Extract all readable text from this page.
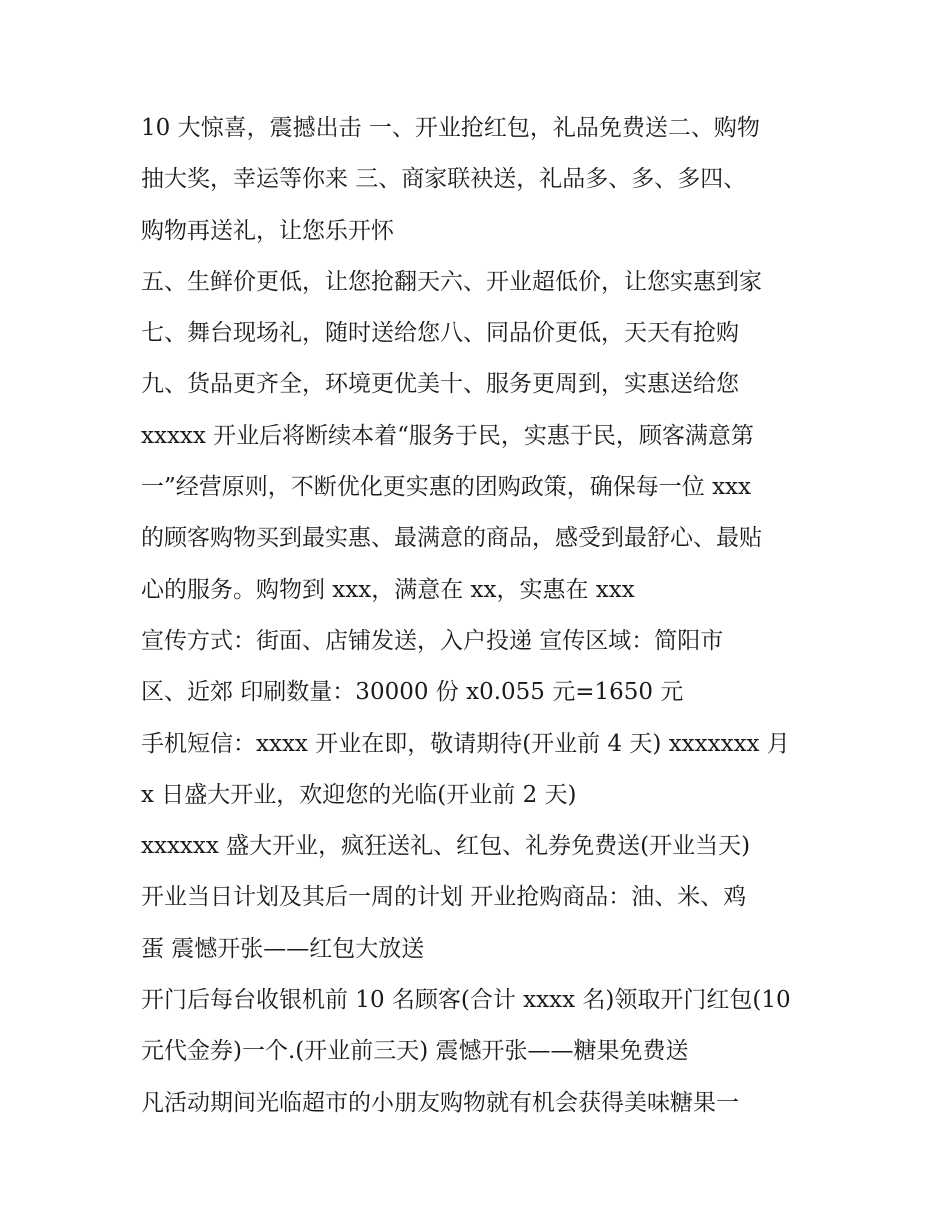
10 大惊喜，震撼出击 一、开业抢红包，礼品免费送二、购物
抽大奖，幸运等你来 三、商家联袂送，礼品多、多、多四、
购物再送礼，让您乐开怀
五、生鲜价更低，让您抢翻天六、开业超低价，让您实惠到家
七、舞台现场礼，随时送给您八、同品价更低，天天有抢购
九、货品更齐全，环境更优美十、服务更周到，实惠送给您
xxxxx 开业后将断续本着“服务于民，实惠于民，顾客满意第
一”经营原则，不断优化更实惠的团购政策，确保每一位 xxx
的顾客购物买到最实惠、最满意的商品，感受到最舒心、最贴
心的服务。购物到 xxx，满意在 xx，实惠在 xxx
宣传方式：街面、店铺发送，入户投递 宣传区域：简阳市
区、近郊 印刷数量：30000 份 x0.055 元=1650 元
手机短信：xxxx 开业在即，敬请期待(开业前 4 天) xxxxxxx 月
x 日盛大开业，欢迎您的光临(开业前 2 天)
xxxxxx 盛大开业，疯狂送礼、红包、礼券免费送(开业当天)
开业当日计划及其后一周的计划 开业抢购商品：油、米、鸡
蛋 震憾开张——红包大放送
开门后每台收银机前 10 名顾客(合计 xxxx 名)领取开门红包(10
元代金券)一个.(开业前三天) 震憾开张——糖果免费送
凡活动期间光临超市的小朋友购物就有机会获得美味糖果一
